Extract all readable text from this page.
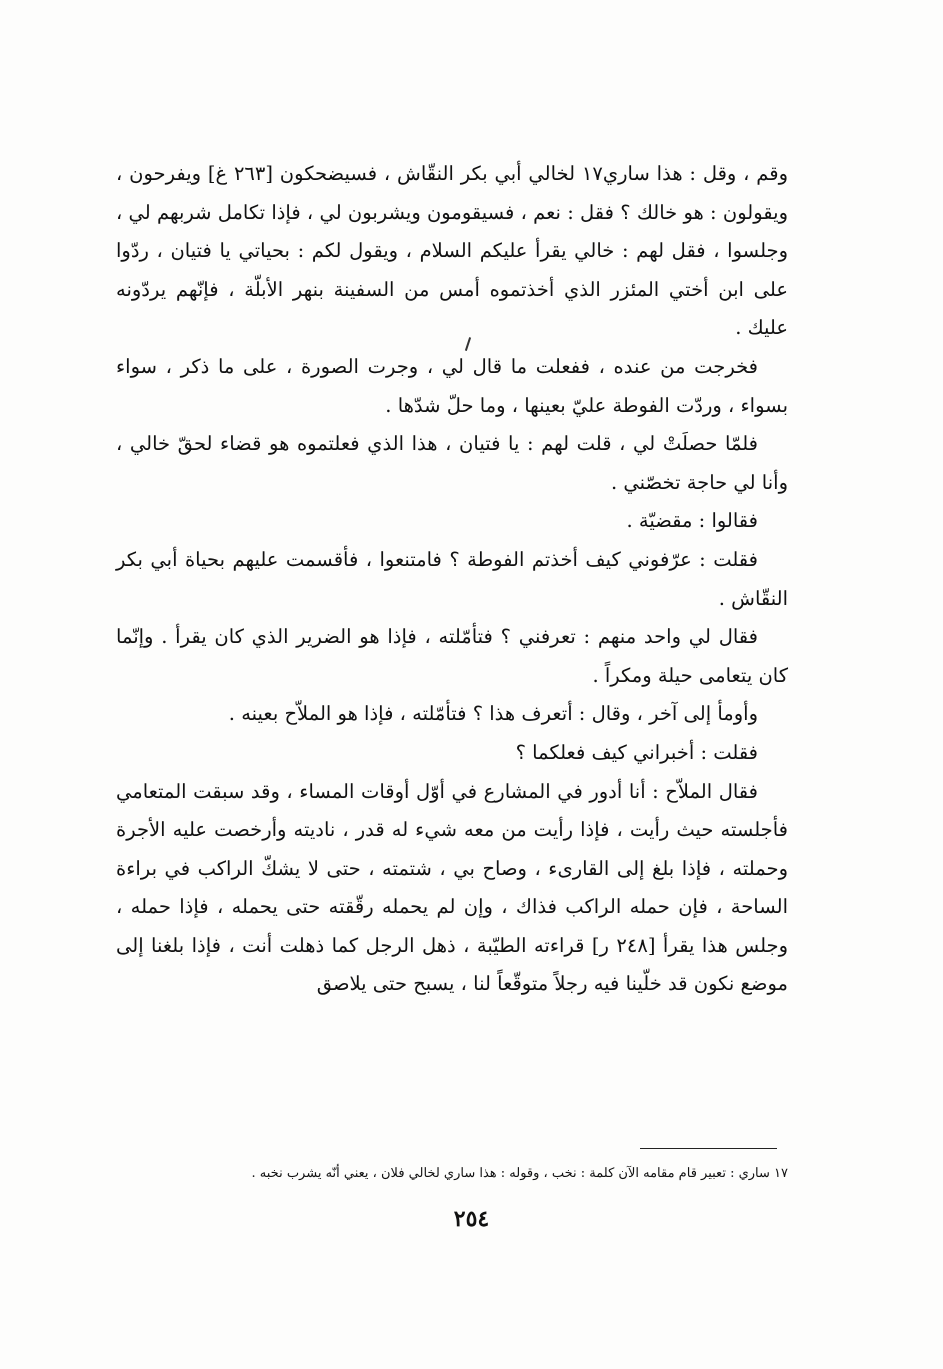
وقم ، وقل : هذا ساري١٧ لخالي أبي بكر النقّاش ، فسيضحكون [٢٦٣ غ] ويفرحون ، ويقولون : هو خالك ؟ فقل : نعم ، فسيقومون ويشربون لي ، فإذا تكامل شربهم لي ، وجلسوا ، فقل لهم : خالي يقرأ عليكم السلام ، ويقول لكم : بحياتي يا فتيان ، ردّوا على ابن أختي المئزر الذي أخذتموه أمس من السفينة بنهر الأبلّة ، فإنّهم يردّونه عليك .

فخرجت من عنده ، ففعلت ما قال لي ، وجرت الصورة ، على ما ذكر ، سواء بسواء ، وردّت الفوطة عليّ بعينها ، وما حلّ شدّها .

فلمّا حصلَتْ لي ، قلت لهم : يا فتيان ، هذا الذي فعلتموه هو قضاء لحقّ خالي ، وأنا لي حاجة تخصّني .

فقالوا : مقضيّة .

فقلت : عرّفوني كيف أخذتم الفوطة ؟ فامتنعوا ، فأقسمت عليهم بحياة أبي بكر النقّاش .

فقال لي واحد منهم : تعرفني ؟ فتأمّلته ، فإذا هو الضرير الذي كان يقرأ . وإنّما كان يتعامى حيلة ومكراً .

وأومأ إلى آخر ، وقال : أتعرف هذا ؟ فتأمّلته ، فإذا هو الملاّح بعينه .

فقلت : أخبراني كيف فعلكما ؟

فقال الملاّح : أنا أدور في المشارع في أوّل أوقات المساء ، وقد سبقت المتعامي فأجلسته حيث رأيت ، فإذا رأيت من معه شيء له قدر ، ناديته وأرخصت عليه الأجرة وحملته ، فإذا بلغ إلى القارىء ، وصاح بي ، شتمته ، حتى لا يشكّ الراكب في براءة الساحة ، فإن حمله الراكب فذاك ، وإن لم يحمله رقّقته حتى يحمله ، فإذا حمله ، وجلس هذا يقرأ [٢٤٨ ر] قراءته الطيّبة ، ذهل الرجل كما ذهلت أنت ، فإذا بلغنا إلى موضع نكون قد خلّينا فيه رجلاً متوقّعاً لنا ، يسبح حتى يلاصق

١٧ ساري : تعبير قام مقامه الآن كلمة : نخب ، وقوله : هذا ساري لخالي فلان ، يعني أنّه يشرب نخبه .
٢٥٤
